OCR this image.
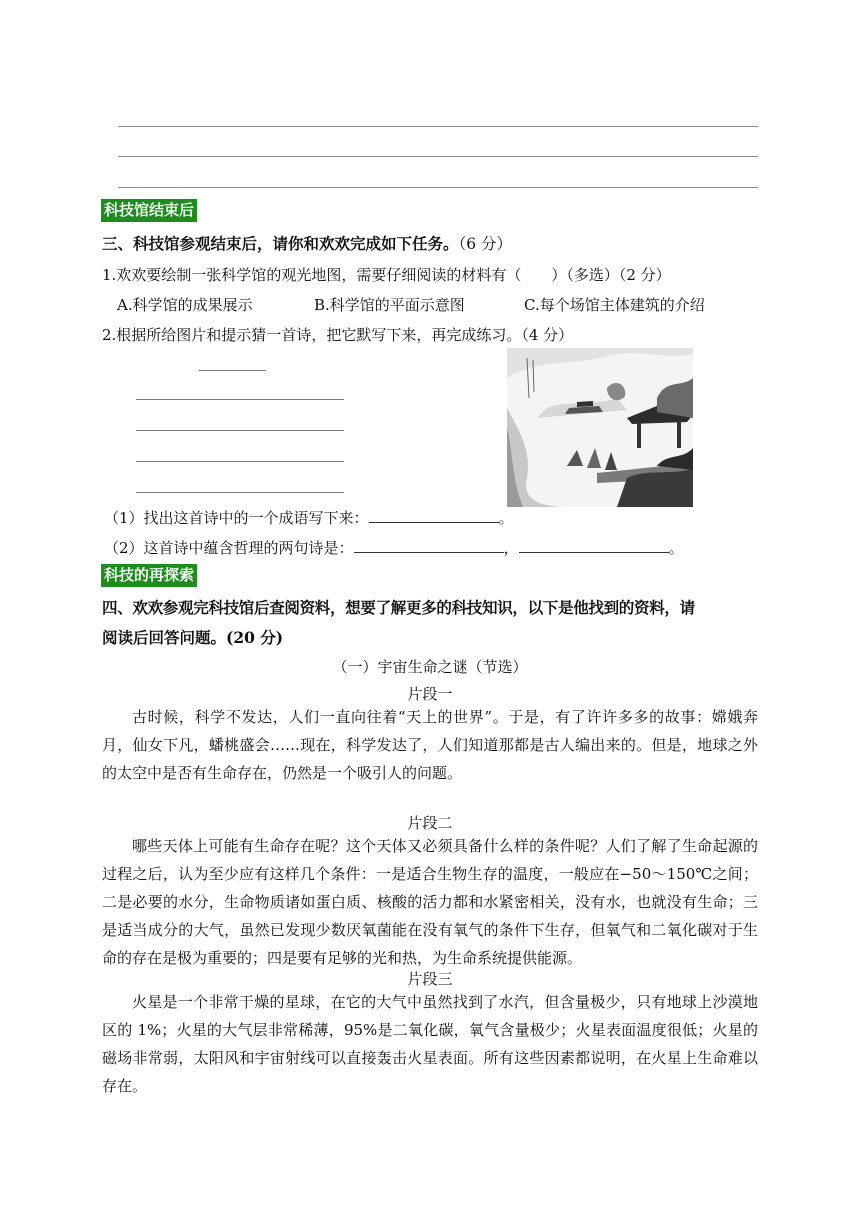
科技馆结束后
三、科技馆参观结束后，请你和欢欢完成如下任务。（6 分）
1.欢欢要绘制一张科学馆的观光地图，需要仔细阅读的材料有（　　）（多选）（2 分）
A.科学馆的成果展示	B.科学馆的平面示意图	C.每个场馆主体建筑的介绍
2.根据所给图片和提示猜一首诗，把它默写下来，再完成练习。（4 分）
（1）找出这首诗中的一个成语写下来：	。
（2）这首诗中蕴含哲理的两句诗是：	，	。
科技的再探索
四、欢欢参观完科技馆后查阅资料，想要了解更多的科技知识，以下是他找到的资料，请
阅读后回答问题。(20 分)
（一）宇宙生命之谜（节选）
片段一

古时候，科学不发达，人们一直向往着“天上的世界”。于是，有了许许多多的故事：嫦娥奔月，仙女下凡，蟠桃盛会……现在，科学发达了，人们知道那都是古人编出来的。但是，地球之外的太空中是否有生命存在，仍然是一个吸引人的问题。

片段二

哪些天体上可能有生命存在呢？这个天体又必须具备什么样的条件呢？人们了解了生命起源的过程之后，认为至少应有这样几个条件：一是适合生物生存的温度，一般应在−50～150℃之间；二是必要的水分，生命物质诸如蛋白质、核酸的活力都和水紧密相关，没有水，也就没有生命；三是适当成分的大气，虽然已发现少数厌氧菌能在没有氧气的条件下生存，但氧气和二氧化碳对于生命的存在是极为重要的；四是要有足够的光和热，为生命系统提供能源。

片段三

火星是一个非常干燥的星球，在它的大气中虽然找到了水汽，但含量极少，只有地球上沙漠地区的 1%；火星的大气层非常稀薄，95%是二氧化碳，氧气含量极少；火星表面温度很低；火星的磁场非常弱，太阳风和宇宙射线可以直接轰击火星表面。所有这些因素都说明，在火星上生命难以存在。
